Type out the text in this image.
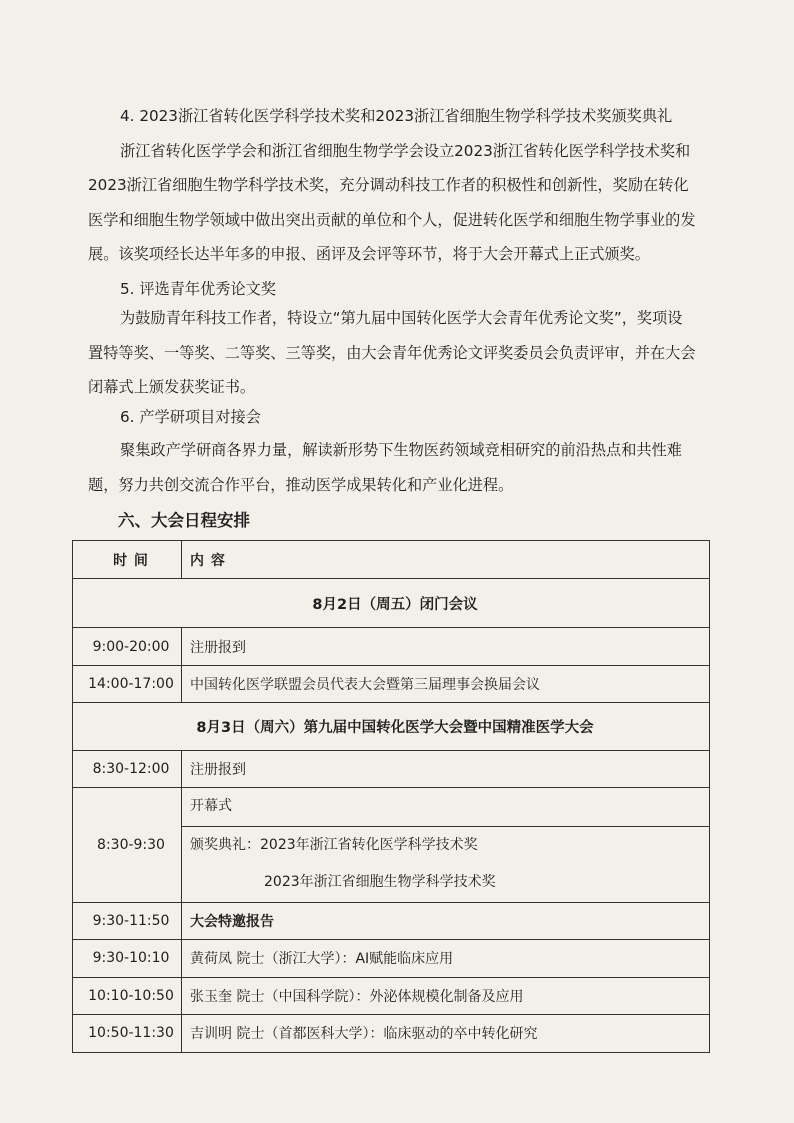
4. 2023浙江省转化医学科学技术奖和2023浙江省细胞生物学科学技术奖颁奖典礼
浙江省转化医学学会和浙江省细胞生物学学会设立2023浙江省转化医学科学技术奖和
2023浙江省细胞生物学科学技术奖，充分调动科技工作者的积极性和创新性，奖励在转化
医学和细胞生物学领域中做出突出贡献的单位和个人，促进转化医学和细胞生物学事业的发
展。该奖项经长达半年多的申报、函评及会评等环节，将于大会开幕式上正式颁奖。
5. 评选青年优秀论文奖
为鼓励青年科技工作者，特设立“第九届中国转化医学大会青年优秀论文奖”，奖项设
置特等奖、一等奖、二等奖、三等奖，由大会青年优秀论文评奖委员会负责评审，并在大会
闭幕式上颁发获奖证书。
6. 产学研项目对接会
聚集政产学研商各界力量，解读新形势下生物医药领域竞相研究的前沿热点和共性难
题，努力共创交流合作平台，推动医学成果转化和产业化进程。
六、大会日程安排
时 间	内 容
8月2日（周五）闭门会议	
9:00-20:00	注册报到
14:00-17:00	中国转化医学联盟会员代表大会暨第三届理事会换届会议
8月3日（周六）第九届中国转化医学大会暨中国精准医学大会	
8:30-12:00	注册报到
8:30-9:30	开幕式
颁奖典礼：2023年浙江省转化医学科学技术奖
2023年浙江省细胞生物学科学技术奖

9:30-11:50	大会特邀报告
9:30-10:10	黄荷凤 院士（浙江大学）：AI赋能临床应用
10:10-10:50	张玉奎 院士（中国科学院）：外泌体规模化制备及应用
10:50-11:30	吉训明 院士（首都医科大学）：临床驱动的卒中转化研究
